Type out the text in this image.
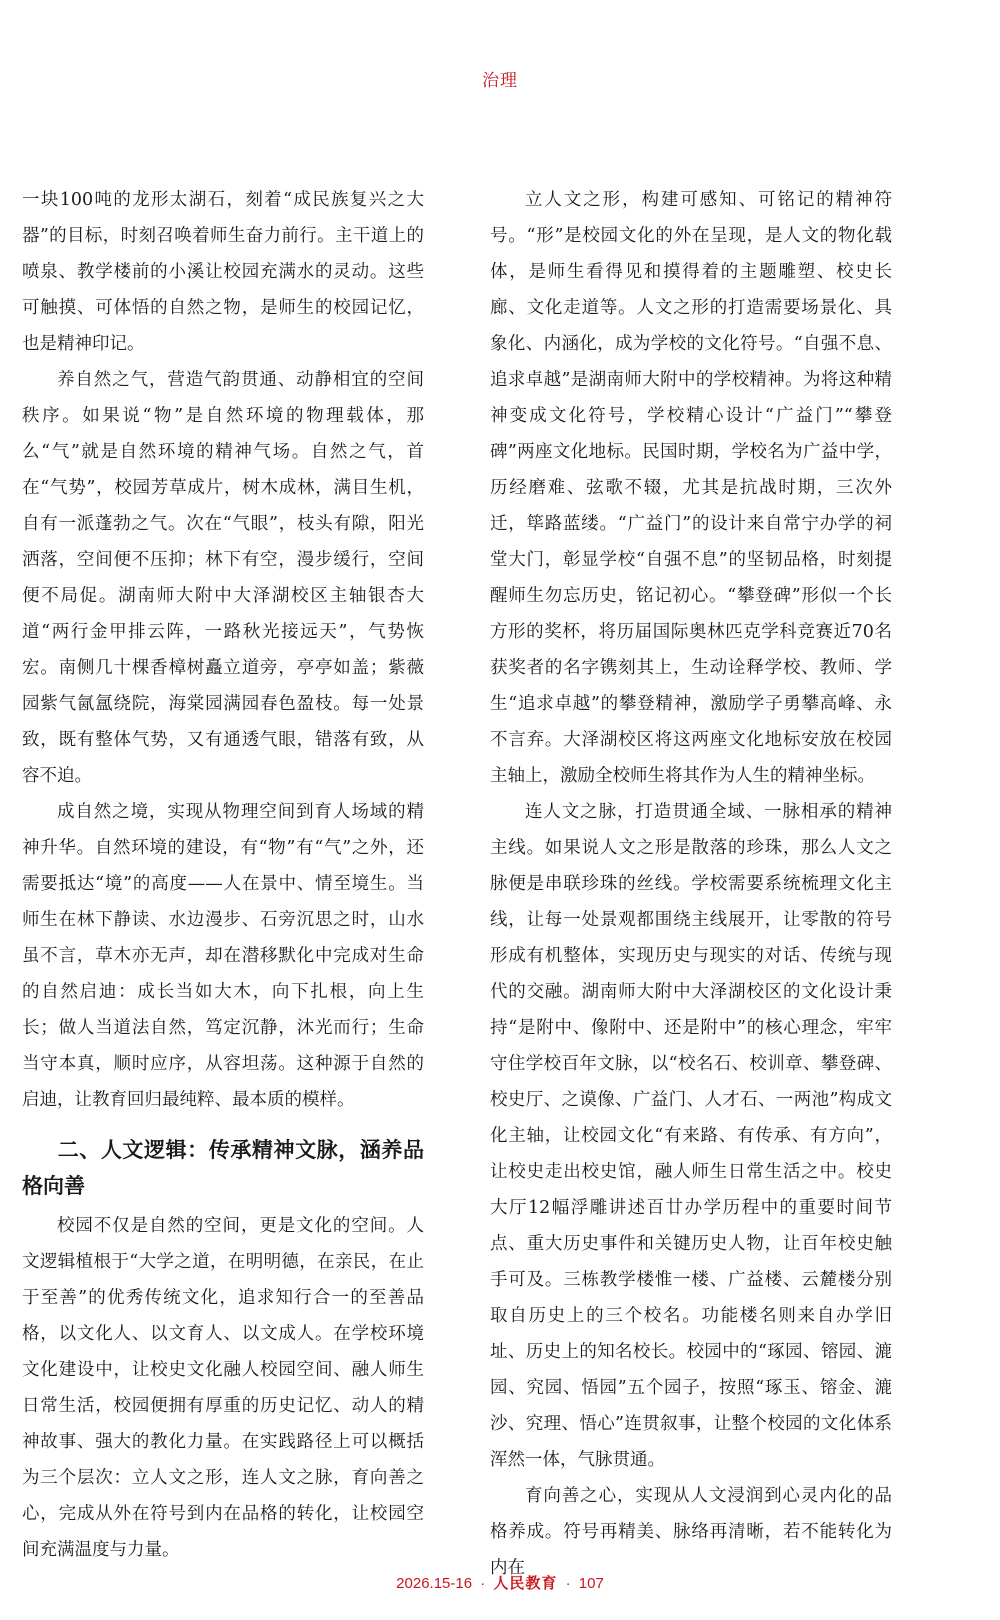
治理

一块100吨的龙形太湖石，刻着“成民族复兴之大器”的目标，时刻召唤着师生奋力前行。主干道上的喷泉、教学楼前的小溪让校园充满水的灵动。这些可触摸、可体悟的自然之物，是师生的校园记忆，也是精神印记。

养自然之气，营造气韵贯通、动静相宜的空间秩序。如果说“物”是自然环境的物理载体，那么“气”就是自然环境的精神气场。自然之气，首在“气势”，校园芳草成片，树木成林，满目生机，自有一派蓬勃之气。次在“气眼”，枝头有隙，阳光洒落，空间便不压抑；林下有空，漫步缓行，空间便不局促。湖南师大附中大泽湖校区主轴银杏大道“两行金甲排云阵，一路秋光接远天”，气势恢宏。南侧几十棵香樟树矗立道旁，亭亭如盖；紫薇园紫气氤氲绕院，海棠园满园春色盈枝。每一处景致，既有整体气势，又有通透气眼，错落有致，从容不迫。

成自然之境，实现从物理空间到育人场域的精神升华。自然环境的建设，有“物”有“气”之外，还需要抵达“境”的高度——人在景中、情至境生。当师生在林下静读、水边漫步、石旁沉思之时，山水虽不言，草木亦无声，却在潜移默化中完成对生命的自然启迪：成长当如大木，向下扎根，向上生长；做人当道法自然，笃定沉静，沐光而行；生命当守本真，顺时应序，从容坦荡。这种源于自然的启迪，让教育回归最纯粹、最本质的模样。

二、人文逻辑：传承精神文脉，涵养品格向善

校园不仅是自然的空间，更是文化的空间。人文逻辑植根于“大学之道，在明明德，在亲民，在止于至善”的优秀传统文化，追求知行合一的至善品格，以文化人、以文育人、以文成人。在学校环境文化建设中，让校史文化融人校园空间、融人师生日常生活，校园便拥有厚重的历史记忆、动人的精神故事、强大的教化力量。在实践路径上可以概括为三个层次：立人文之形，连人文之脉，育向善之心，完成从外在符号到内在品格的转化，让校园空间充满温度与力量。

立人文之形，构建可感知、可铭记的精神符号。“形”是校园文化的外在呈现，是人文的物化载体，是师生看得见和摸得着的主题雕塑、校史长廊、文化走道等。人文之形的打造需要场景化、具象化、内涵化，成为学校的文化符号。“自强不息、追求卓越”是湖南师大附中的学校精神。为将这种精神变成文化符号，学校精心设计“广益门”“攀登碑”两座文化地标。民国时期，学校名为广益中学，历经磨难、弦歌不辍，尤其是抗战时期，三次外迁，筚路蓝缕。“广益门”的设计来自常宁办学的祠堂大门，彰显学校“自强不息”的坚韧品格，时刻提醒师生勿忘历史，铭记初心。“攀登碑”形似一个长方形的奖杯，将历届国际奥林匹克学科竞赛近70名获奖者的名字镌刻其上，生动诠释学校、教师、学生“追求卓越”的攀登精神，激励学子勇攀高峰、永不言弃。大泽湖校区将这两座文化地标安放在校园主轴上，激励全校师生将其作为人生的精神坐标。

连人文之脉，打造贯通全域、一脉相承的精神主线。如果说人文之形是散落的珍珠，那么人文之脉便是串联珍珠的丝线。学校需要系统梳理文化主线，让每一处景观都围绕主线展开，让零散的符号形成有机整体，实现历史与现实的对话、传统与现代的交融。湖南师大附中大泽湖校区的文化设计秉持“是附中、像附中、还是附中”的核心理念，牢牢守住学校百年文脉，以“校名石、校训章、攀登碑、校史厅、之谟像、广益门、人才石、一两池”构成文化主轴，让校园文化“有来路、有传承、有方向”，让校史走出校史馆，融人师生日常生活之中。校史大厅12幅浮雕讲述百廿办学历程中的重要时间节点、重大历史事件和关键历史人物，让百年校史触手可及。三栋教学楼惟一楼、广益楼、云麓楼分别取自历史上的三个校名。功能楼名则来自办学旧址、历史上的知名校长。校园中的“琢园、镕园、漉园、究园、悟园”五个园子，按照“琢玉、镕金、漉沙、究理、悟心”连贯叙事，让整个校园的文化体系浑然一体，气脉贯通。

育向善之心，实现从人文浸润到心灵内化的品格养成。符号再精美、脉络再清晰，若不能转化为内在

2026.15-16 · 人民教育 · 107
